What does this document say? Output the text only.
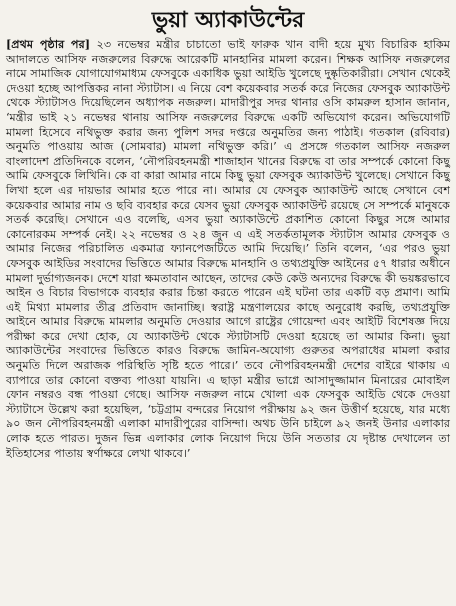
ভুয়া অ্যাকাউন্টের
[প্রথম পৃষ্ঠার পর] ২৩ নভেম্বর মন্ত্রীর চাচাতো ভাই ফারুক খান বাদী হয়ে মুখ্য বিচারিক হাকিম আদালতে আসিফ নজরুলের বিরুদ্ধে আরেকটি মানহানির মামলা করেন। শিক্ষক আসিফ নজরুলের নামে সামাজিক যোগাযোগমাধ্যম ফেসবুকে একাধিক ভুয়া আইডি খুলেছে দুষ্কৃতিকারীরা। সেখান থেকেই দেওয়া হচ্ছে আপত্তিকর নানা স্ট্যাটাস। এ নিয়ে বেশ কয়েকবার সতর্ক করে নিজের ফেসবুক অ্যাকাউন্ট থেকে স্ট্যাটাসও দিয়েছিলেন অধ্যাপক নজরুল। মাদারীপুর সদর থানার ওসি কামরুল হাসান জানান, ‘মন্ত্রীর ভাই ২১ নভেম্বর থানায় আসিফ নজরুলের বিরুদ্ধে একটি অভিযোগ করেন। অভিযোগটি মামলা হিসেবে নথিভুক্ত করার জন্য পুলিশ সদর দপ্তরে অনুমতির জন্য পাঠাই। গতকাল (রবিবার) অনুমতি পাওয়ায় আজ (সোমবার) মামলা নথিভুক্ত করি।’ এ প্রসঙ্গে গতকাল আসিফ নজরুল বাংলাদেশ প্রতিদিনকে বলেন, ‘নৌপরিবহনমন্ত্রী শাজাহান খানের বিরুদ্ধে বা তার সম্পর্কে কোনো কিছু আমি ফেসবুকে লিখিনি। কে বা কারা আমার নামে কিছু ভুয়া ফেসবুক অ্যাকাউন্ট খুলেছে। সেখানে কিছু লিখা হলে এর দায়ভার আমার হতে পারে না। আমার যে ফেসবুক অ্যাকাউন্ট আছে সেখানে বেশ কয়েকবার আমার নাম ও ছবি ব্যবহার করে যেসব ভুয়া ফেসবুক অ্যাকাউন্ট রয়েছে সে সম্পর্কে মানুষকে সতর্ক করেছি। সেখানে এও বলেছি, এসব ভুয়া অ্যাকাউন্টে প্রকাশিত কোনো কিছুর সঙ্গে আমার কোনোরকম সম্পর্ক নেই। ২২ নভেম্বর ও ২৪ জুন এ এই সতর্কতামূলক স্ট্যাটাস আমার ফেসবুক ও আমার নিজের পরিচালিত একমাত্র ফ্যানপেজটিতে আমি দিয়েছি।’ তিনি বলেন, ‘এর পরও ভুয়া ফেসবুক আইডির সংবাদের ভিত্তিতে আমার বিরুদ্ধে মানহানি ও তথ্যপ্রযুক্তি আইনের ৫৭ ধারার অধীনে মামলা দুর্ভাগ্যজনক। দেশে যারা ক্ষমতাবান আছেন, তাদের কেউ কেউ অন্যদের বিরুদ্ধে কী ভয়ঙ্করভাবে আইন ও বিচার বিভাগকে ব্যবহার করার চিন্তা করতে পারেন এই ঘটনা তার একটি বড় প্রমাণ। আমি এই মিথ্যা মামলার তীব্র প্রতিবাদ জানাচ্ছি। স্বরাষ্ট্র মন্ত্রণালয়ের কাছে অনুরোধ করছি, তথ্যপ্রযুক্তি আইনে আমার বিরুদ্ধে মামলার অনুমতি দেওয়ার আগে রাষ্ট্রের গোয়েন্দা এবং আইটি বিশেষজ্ঞ দিয়ে পরীক্ষা করে দেখা হোক, যে অ্যাকাউন্ট থেকে স্ট্যাটাসটি দেওয়া হয়েছে তা আমার কিনা। ভুয়া অ্যাকাউন্টের সংবাদের ভিত্তিতে কারও বিরুদ্ধে জামিন-অযোগ্য গুরুতর অপরাধের মামলা করার অনুমতি দিলে অরাজক পরিস্থিতি সৃষ্টি হতে পারে।’ তবে নৌপরিবহনমন্ত্রী দেশের বাইরে থাকায় এ ব্যাপারে তার কোনো বক্তব্য পাওয়া যায়নি। এ ছাড়া মন্ত্রীর ভাগ্নে আসাদুজ্জামান মিনারের মোবাইল ফোন নম্বরও বন্ধ পাওয়া গেছে। আসিফ নজরুল নামে খোলা এক ফেসবুক আইডি থেকে দেওয়া স্ট্যাটাসে উল্লেখ করা হয়েছিল, ‘চট্টগ্রাম বন্দরের নিয়োগ পরীক্ষায় ৯২ জন উত্তীর্ণ হয়েছে, যার মধ্যে ৯০ জন নৌপরিবহনমন্ত্রী এলাকা মাদারীপুরের বাসিন্দা। অথচ উনি চাইলে ৯২ জনই উনার এলাকার লোক হতে পারত। দুজন ভিন্ন এলাকার লোক নিয়োগ দিয়ে উনি সততার যে দৃষ্টান্ত দেখালেন তা ইতিহাসের পাতায় স্বর্ণাক্ষরে লেখা থাকবে।’
